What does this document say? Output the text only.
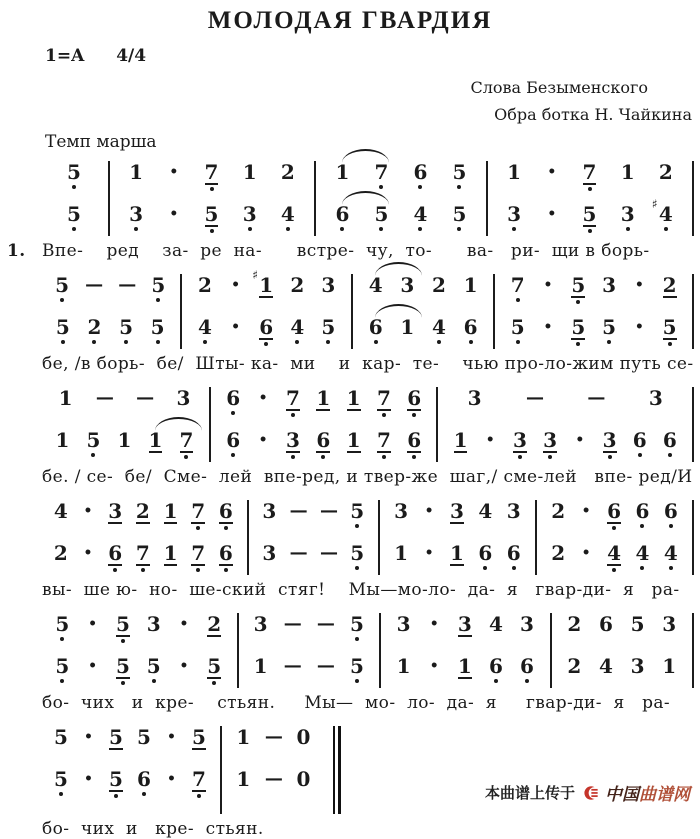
МОЛОДАЯ ГВАРДИЯ
1=A 4/4
Слова Безыменского
Обра ботка Н. Чайкина
Темп марша
5
5
1 • 7 1 2
3 • 5 3 4
1 7 6 5
6 5 4 5
1 • 7 1 2
3 • 5 3 4
♯
1. Впе-    ред    за-  ре  на-      встре-  чу,  то-      ва-   ри-  щи в борь-
5 — — 5
5 2 5 5
2 • 1
♯ 2 3
4 • 6 4 5
4 3 2 1
6 1 4 6
7 • 5 3 • 2
5 • 5 5 • 5
бе, /в борь-  бе/  Шты- ка-  ми    и  кар-  те-    чью про-ло-жим путь се-
1 — — 3
1 5 1 1 7
6 • 7 1 1 7 6
6 • 3 6 1 7 6
3 — — 3
1 • 3 3 • 3 6 6
бе. / се-  бе/  Сме-  лей  впе-ред, и твер-же  шаг,/ сме-лей   впе- ред/И
4 • 3 2 1 7 6
2 • 6 7 1 7 6
3 — — 5
3 — — 5
3 • 3 4 3
1 • 1 6 6
2 • 6 6 6
2 • 4 4 4
вы-  ше ю-  но-  ше-ский  стяг!    Мы—мо-ло-  да-  я   гвар-ди-  я   ра-
5 • 5 3 • 2
5 • 5 5 • 5
3 — — 5
1 — — 5
3 • 3 4 3
1 • 1 6 6
2 6 5 3
2 4 3 1
бо-  чих   и  кре-    стьян.     Мы—  мо-  ло-  да-  я     гвар-ди-  я   ра-
5 • 5 5 • 5
5 • 5 6 • 7
1 — 0
1 — 0
бо-  чих  и   кре-  стьян.
本曲谱上传于 中国曲谱网
